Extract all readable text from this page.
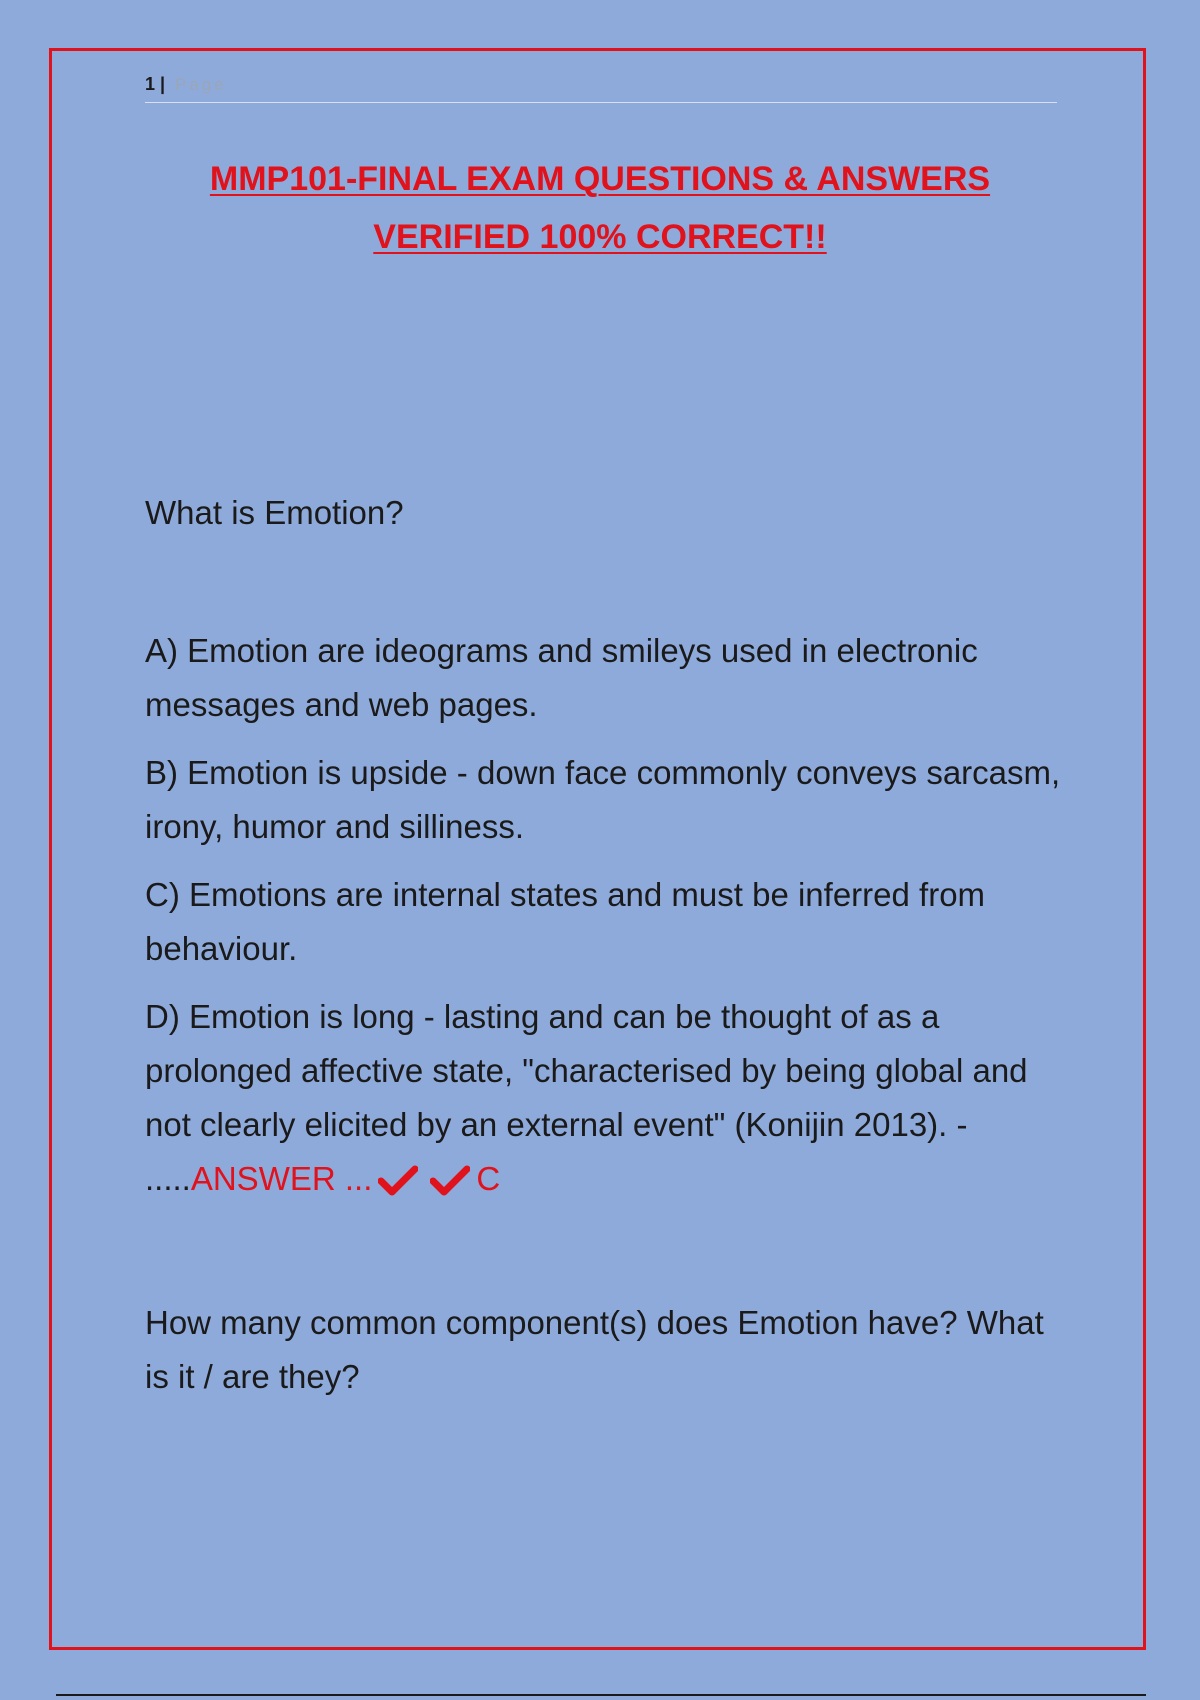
1 | Page
MMP101-FINAL EXAM QUESTIONS & ANSWERS
VERIFIED 100% CORRECT!!
What is Emotion?
A) Emotion are ideograms and smileys used in electronic messages and web pages.
B) Emotion is upside - down face commonly conveys sarcasm, irony, humor and silliness.
C) Emotions are internal states and must be inferred from behaviour.
D) Emotion is long - lasting and can be thought of as a prolonged affective state, "characterised by being global and not clearly elicited by an external event" (Konijin 2013). - .....ANSWER ...	C
How many common component(s) does Emotion have? What is it / are they?
